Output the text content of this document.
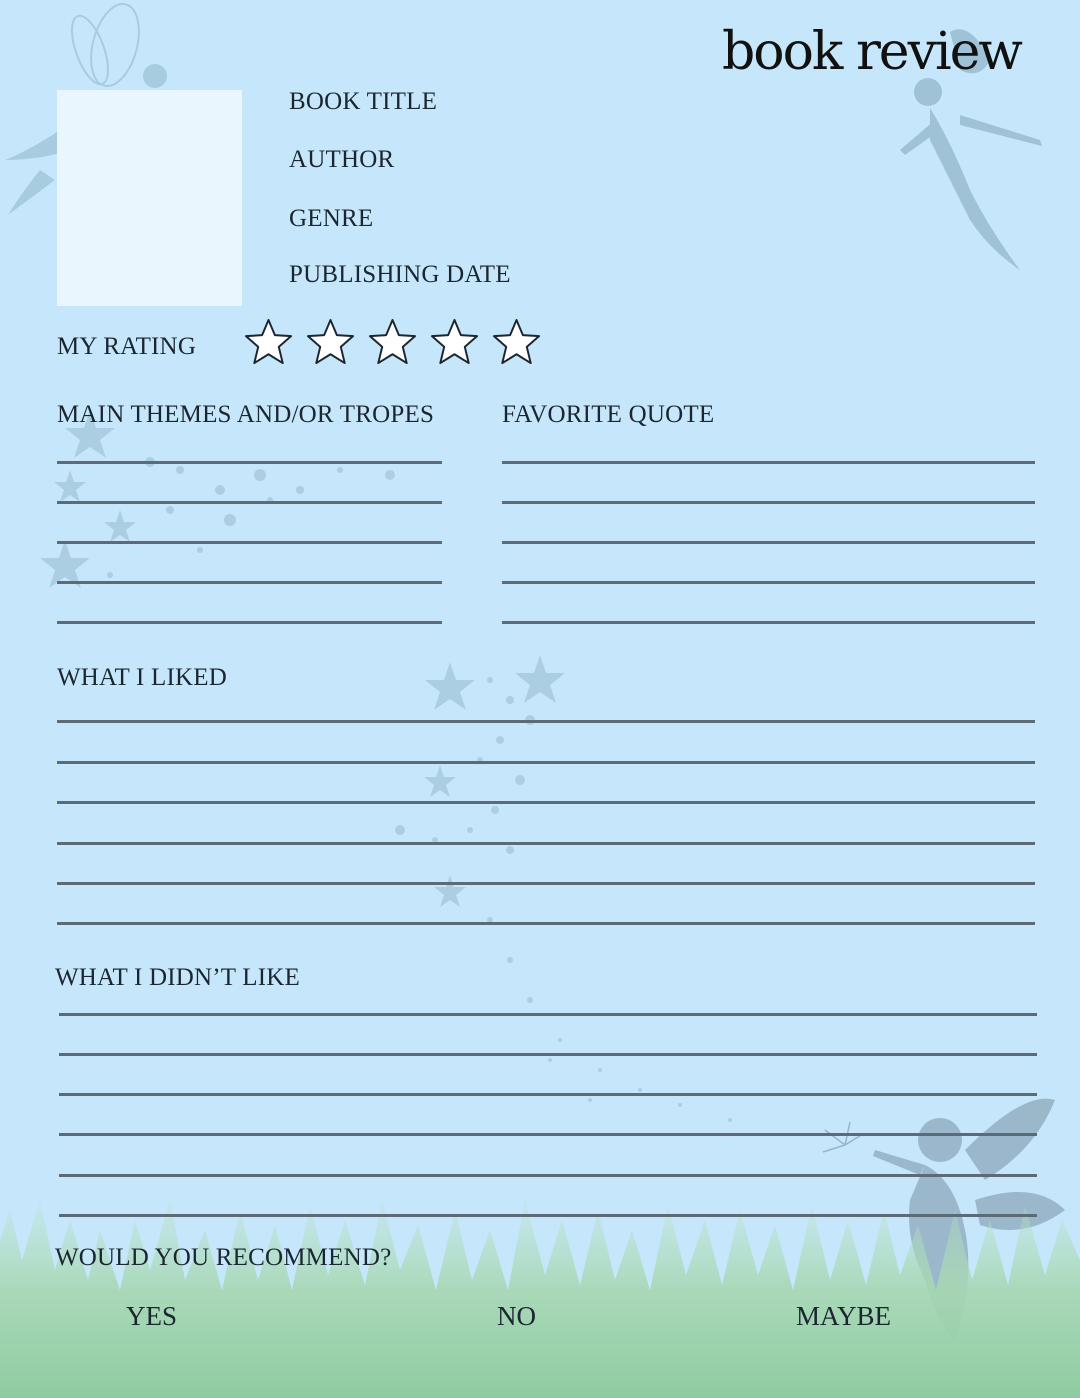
book review
BOOK TITLE
AUTHOR
GENRE
PUBLISHING DATE
MY RATING
MAIN THEMES AND/OR TROPES	FAVORITE QUOTE
WHAT I LIKED
WHAT I DIDN’T LIKE
WOULD YOU RECOMMEND?
YES	NO	MAYBE
